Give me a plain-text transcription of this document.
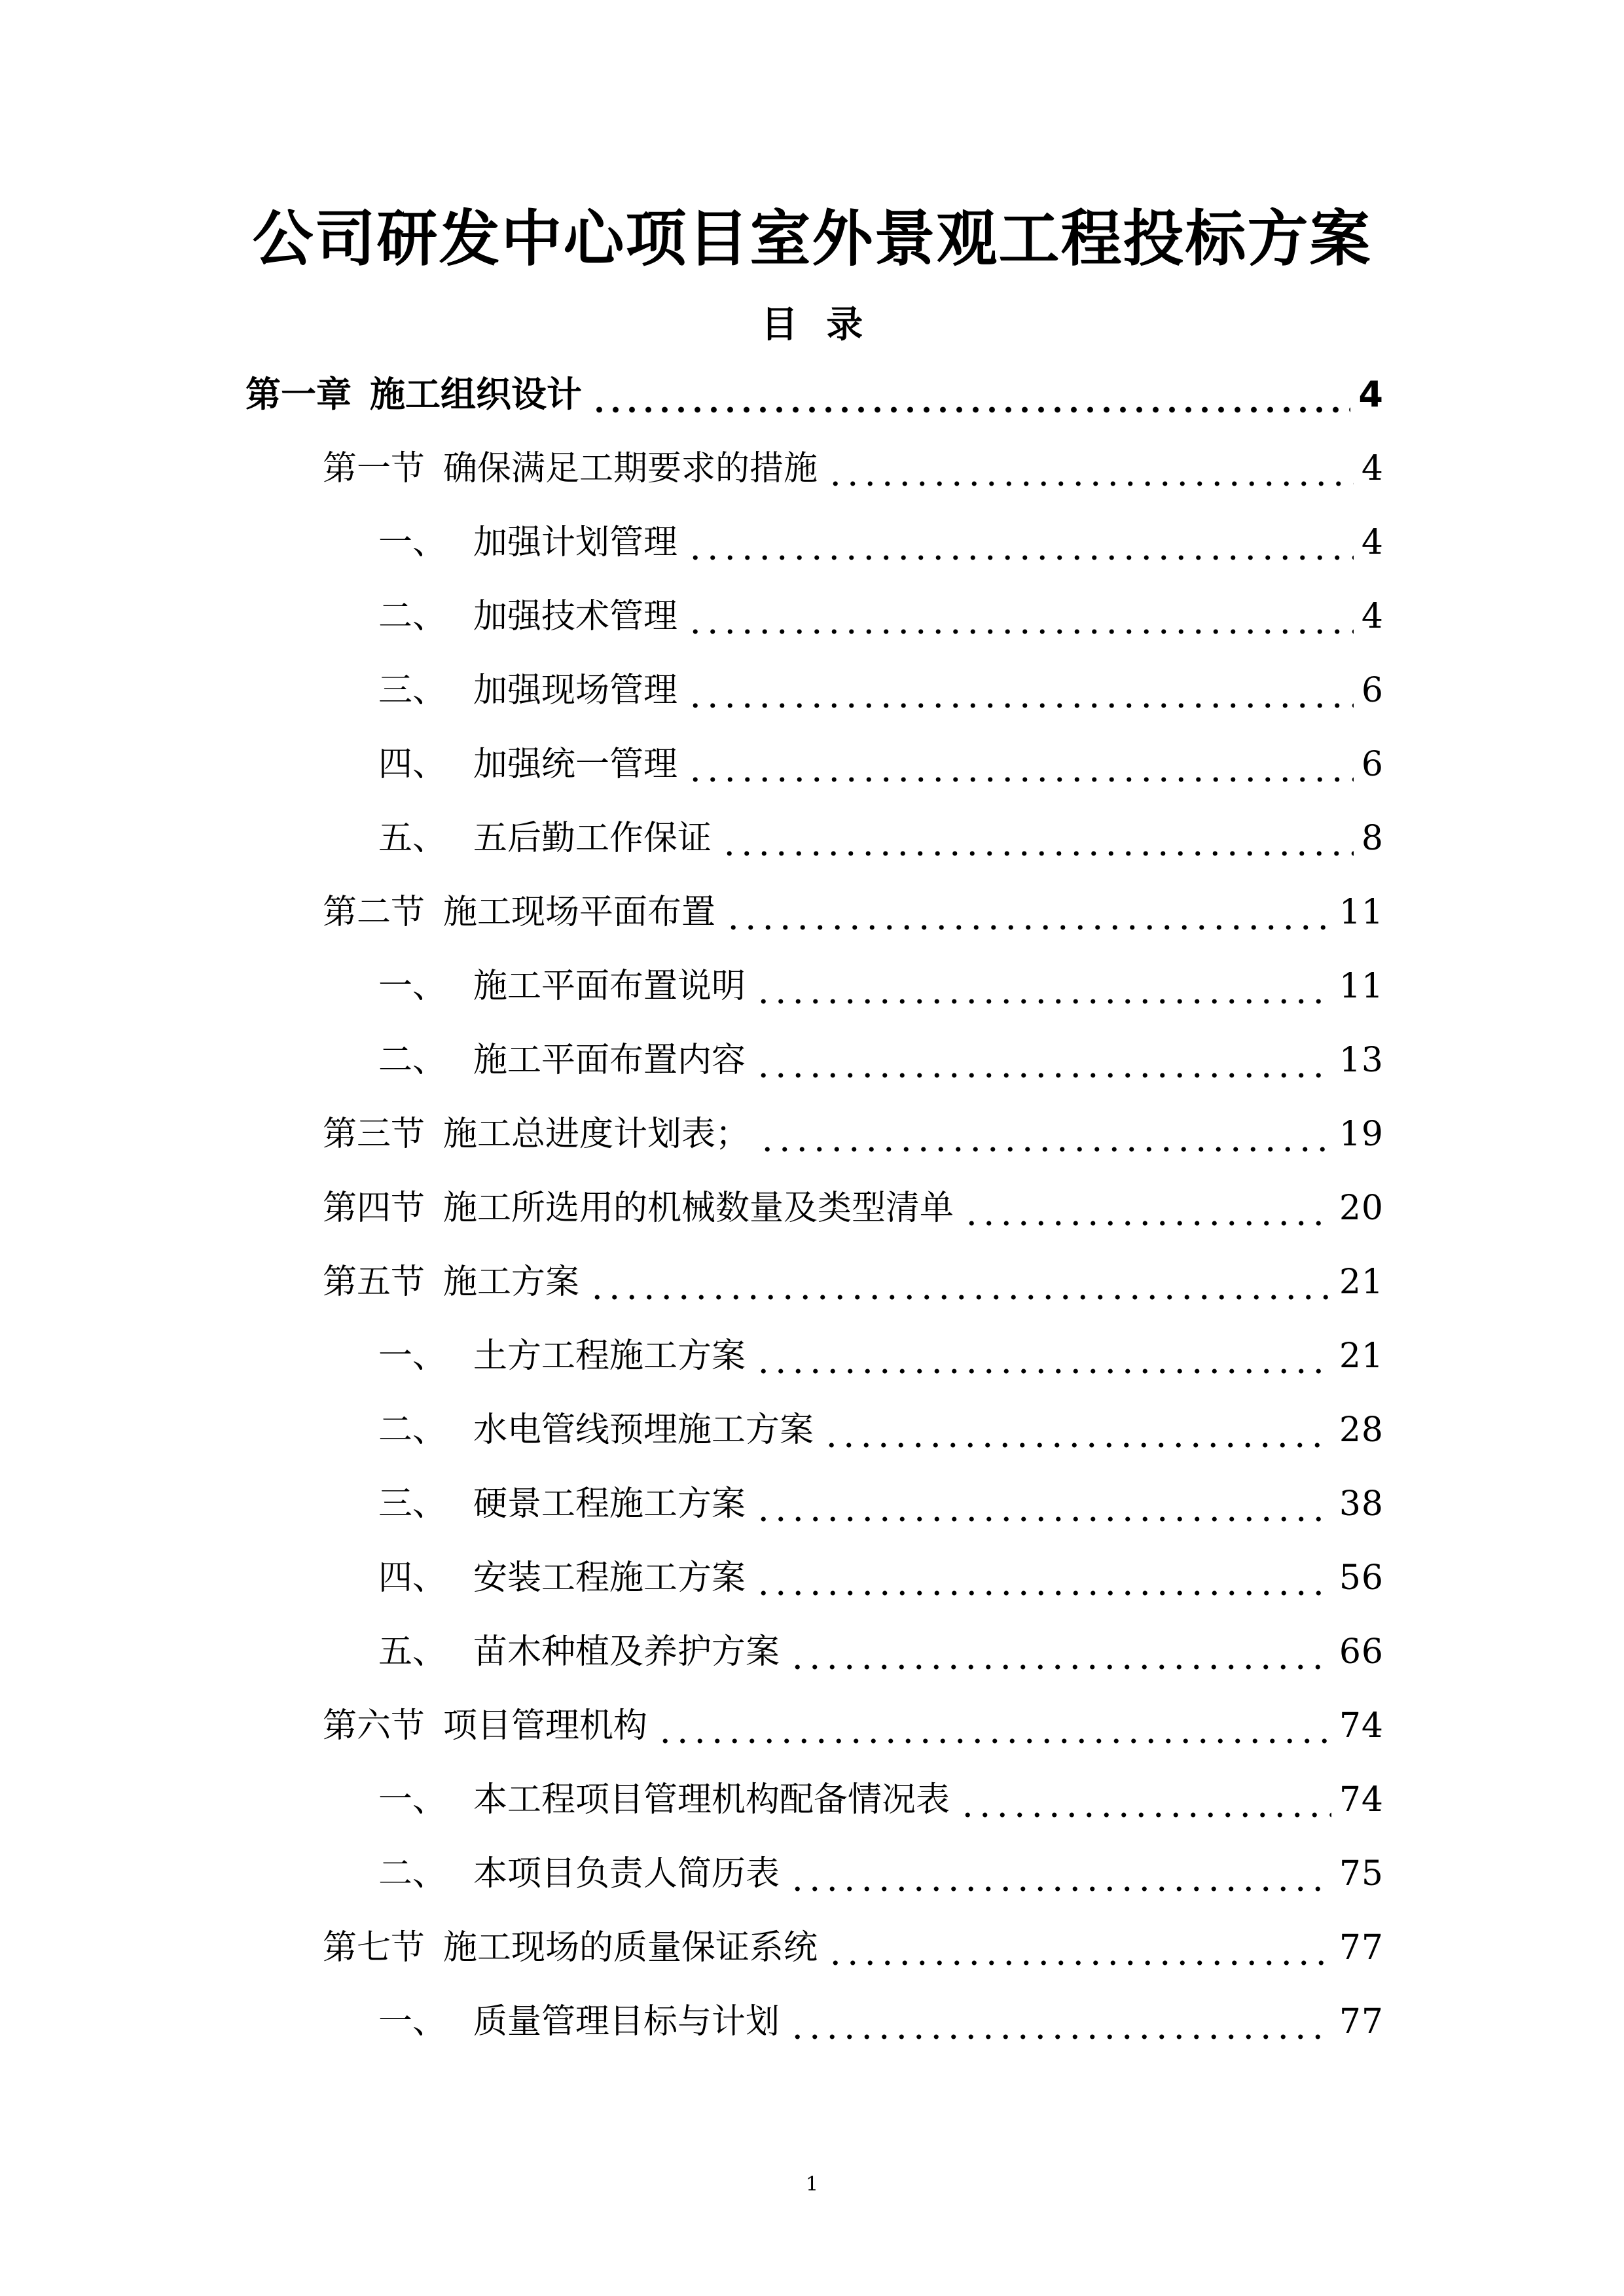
公司研发中心项目室外景观工程投标方案
目 录
第一章 施工组织设计	4
第一节 确保满足工期要求的措施	4
一、 加强计划管理	4
二、 加强技术管理	4
三、 加强现场管理	6
四、 加强统一管理	6
五、 五后勤工作保证	8
第二节 施工现场平面布置	11
一、 施工平面布置说明	11
二、 施工平面布置内容	13
第三节 施工总进度计划表；	19
第四节 施工所选用的机械数量及类型清单	20
第五节 施工方案	21
一、 土方工程施工方案	21
二、 水电管线预埋施工方案	28
三、 硬景工程施工方案	38
四、 安装工程施工方案	56
五、 苗木种植及养护方案	66
第六节 项目管理机构	74
一、 本工程项目管理机构配备情况表	74
二、 本项目负责人简历表	75
第七节 施工现场的质量保证系统	77
一、 质量管理目标与计划	77
1
